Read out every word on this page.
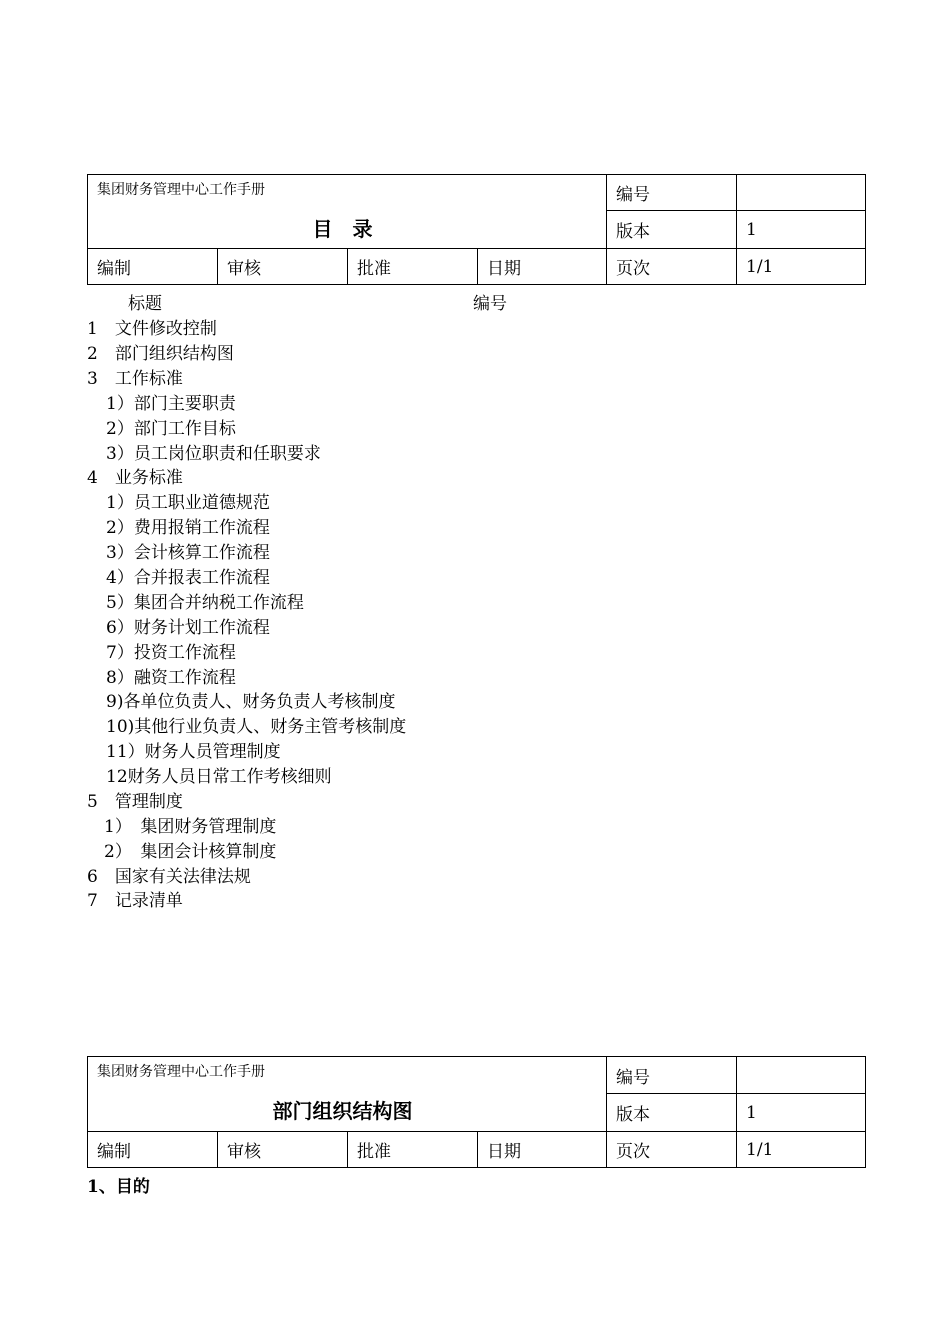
集团财务管理中心工作手册
目　录				编号	
				版本	1
编制	审核	批准	日期	页次	1/1
标题	编号
1　文件修改控制
2　部门组织结构图
3　工作标准
1）部门主要职责
2）部门工作目标
3）员工岗位职责和任职要求
4　业务标准
1）员工职业道德规范
2）费用报销工作流程
3）会计核算工作流程
4）合并报表工作流程
5）集团合并纳税工作流程
6）财务计划工作流程
7）投资工作流程
8）融资工作流程
9)各单位负责人、财务负责人考核制度
10)其他行业负责人、财务主管考核制度
11）财务人员管理制度
12财务人员日常工作考核细则
5　管理制度
1）　集团财务管理制度
2）　集团会计核算制度
6　国家有关法律法规
7　记录清单
集团财务管理中心工作手册
部门组织结构图				编号	
				版本	1
编制	审核	批准	日期	页次	1/1
1、目的
